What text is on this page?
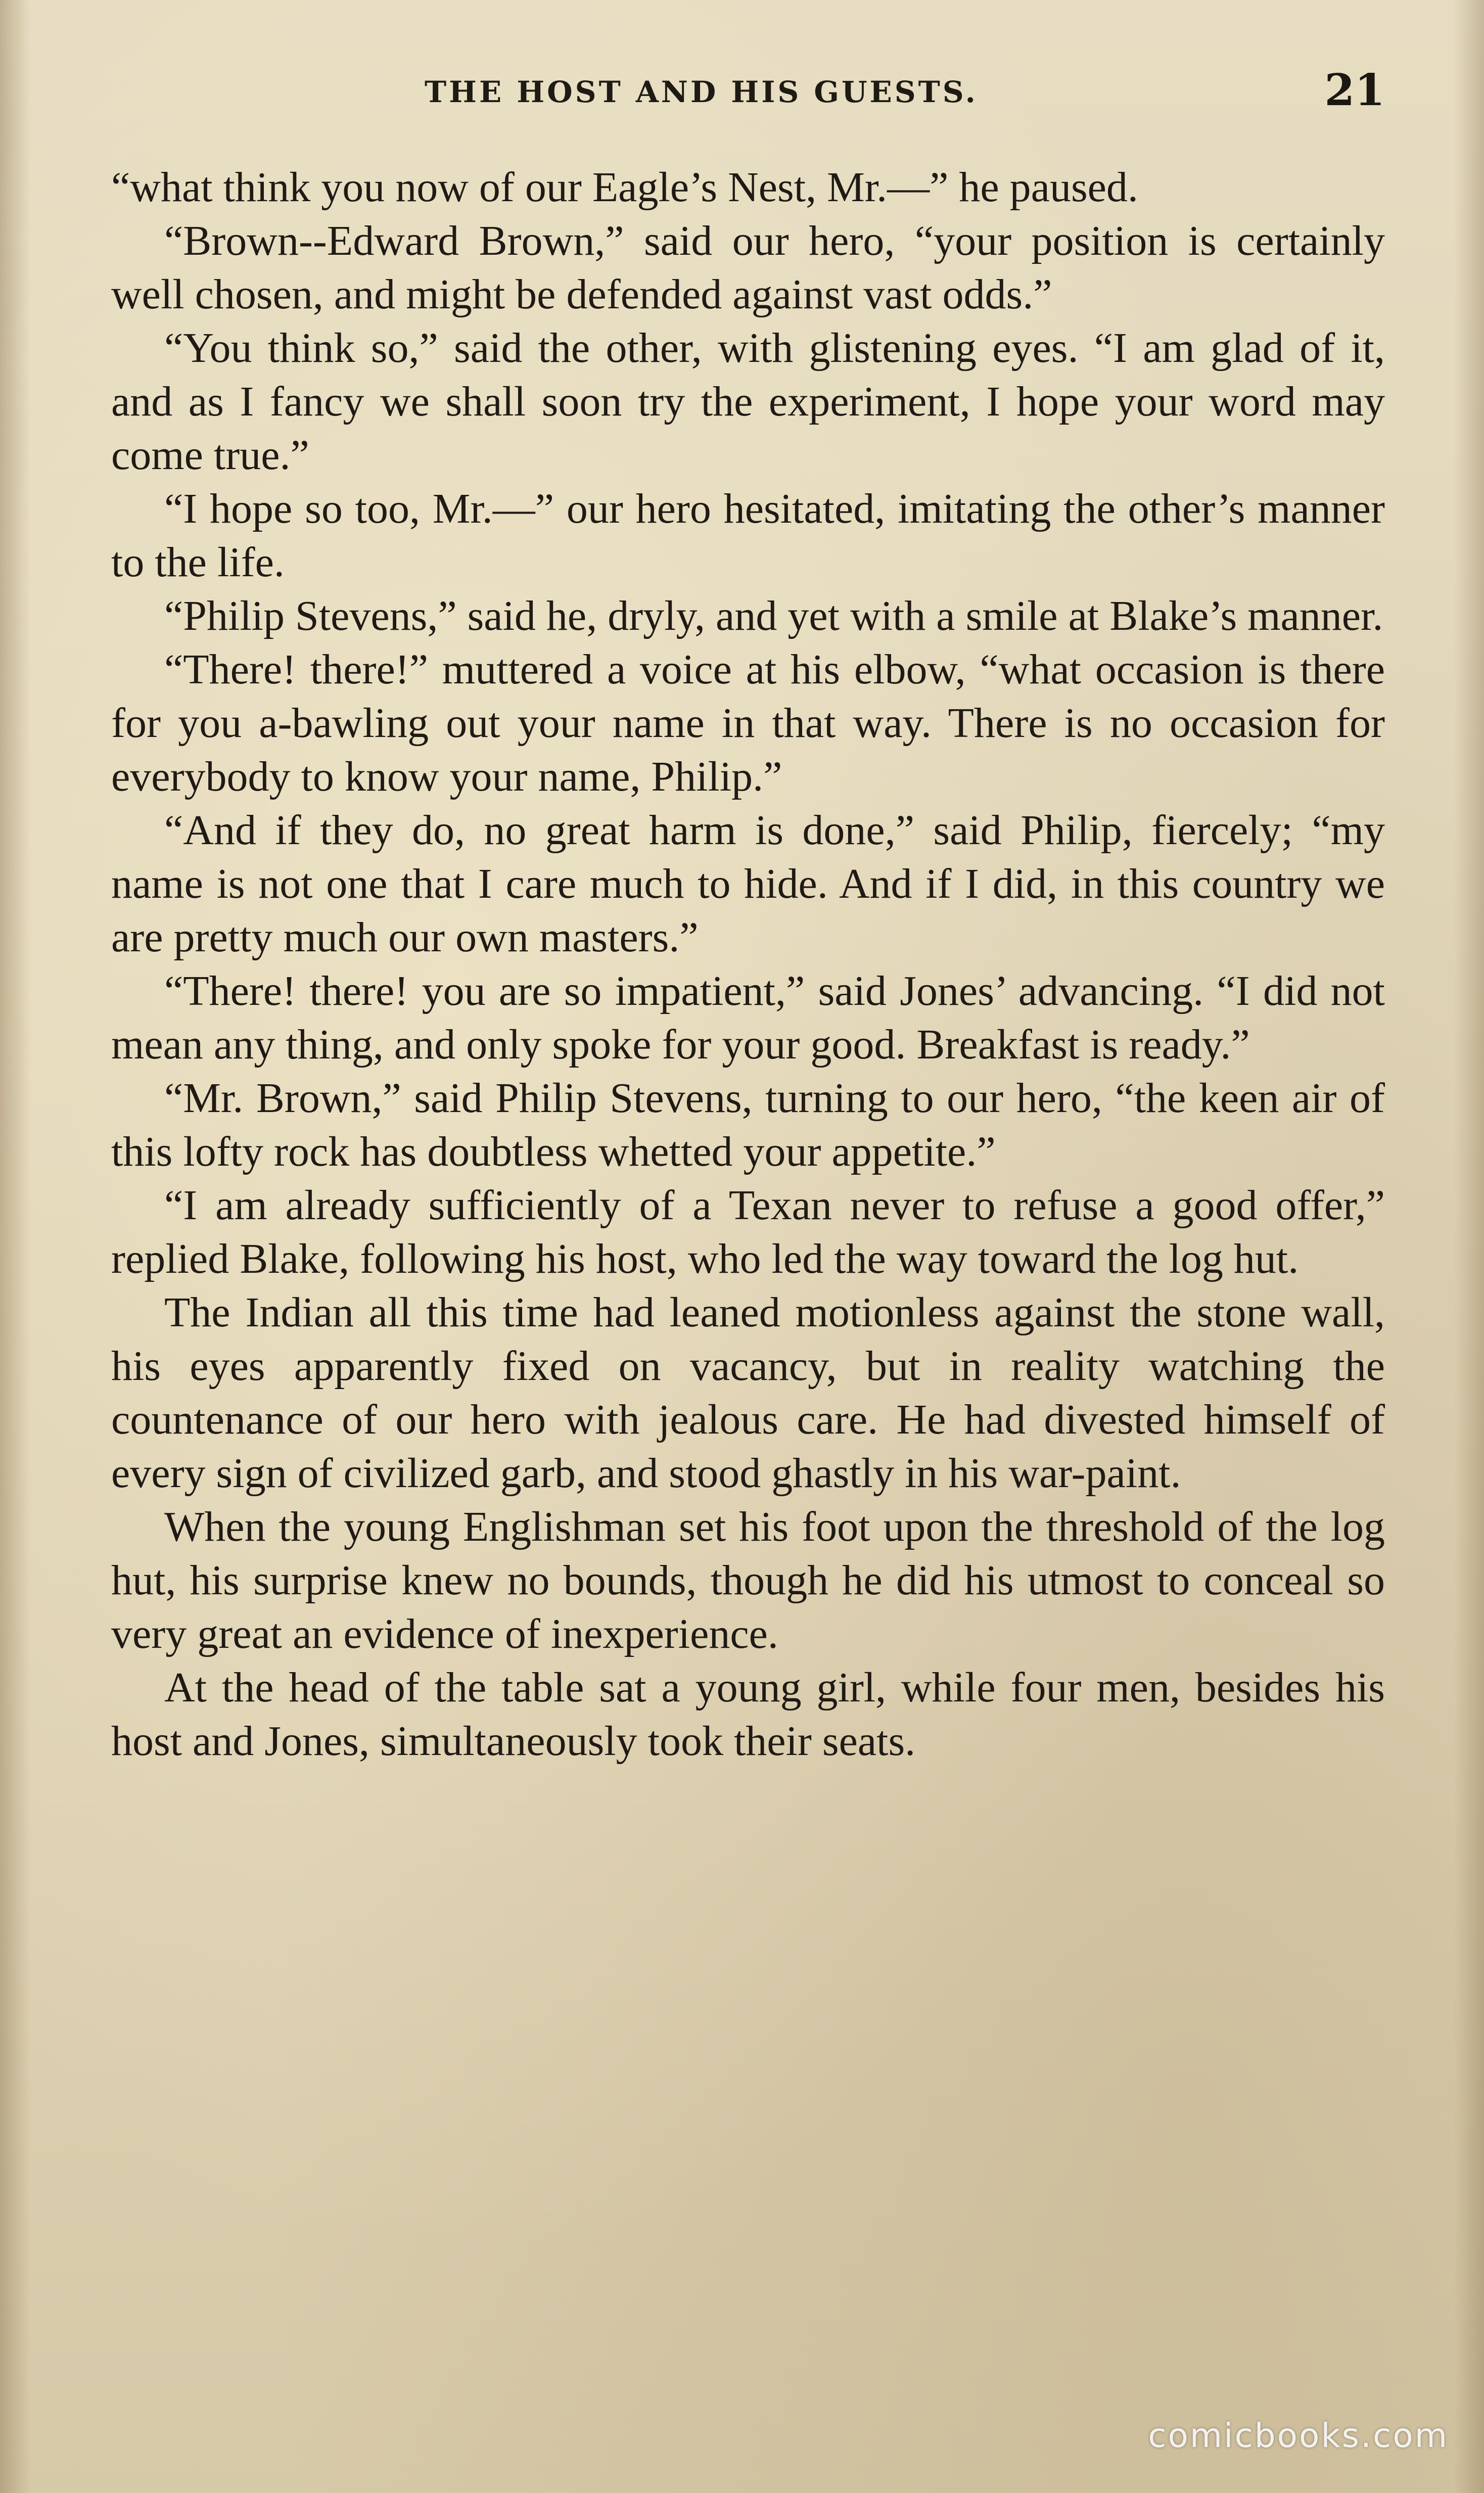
THE HOST AND HIS GUESTS.	21

“what think you now of our Eagle’s Nest, Mr.—” he paused.

“Brown--Edward Brown,” said our hero, “your position is certainly well chosen, and might be defended against vast odds.”

“You think so,” said the other, with glistening eyes. “I am glad of it, and as I fancy we shall soon try the experiment, I hope your word may come true.”

“I hope so too, Mr.—” our hero hesitated, imitating the other’s manner to the life.

“Philip Stevens,” said he, dryly, and yet with a smile at Blake’s manner.

“There! there!” muttered a voice at his elbow, “what occasion is there for you a-bawling out your name in that way. There is no occasion for everybody to know your name, Philip.”

“And if they do, no great harm is done,” said Philip, fiercely; “my name is not one that I care much to hide. And if I did, in this country we are pretty much our own masters.”

“There! there! you are so impatient,” said Jones’ advancing. “I did not mean any thing, and only spoke for your good. Breakfast is ready.”

“Mr. Brown,” said Philip Stevens, turning to our hero, “the keen air of this lofty rock has doubtless whetted your appetite.”

“I am already sufficiently of a Texan never to refuse a good offer,” replied Blake, following his host, who led the way toward the log hut.

The Indian all this time had leaned motionless against the stone wall, his eyes apparently fixed on vacancy, but in reality watching the countenance of our hero with jealous care. He had divested himself of every sign of civilized garb, and stood ghastly in his war-paint.

When the young Englishman set his foot upon the threshold of the log hut, his surprise knew no bounds, though he did his utmost to conceal so very great an evidence of inexperience.

At the head of the table sat a young girl, while four men, besides his host and Jones, simultaneously took their seats.

comicbooks.com
